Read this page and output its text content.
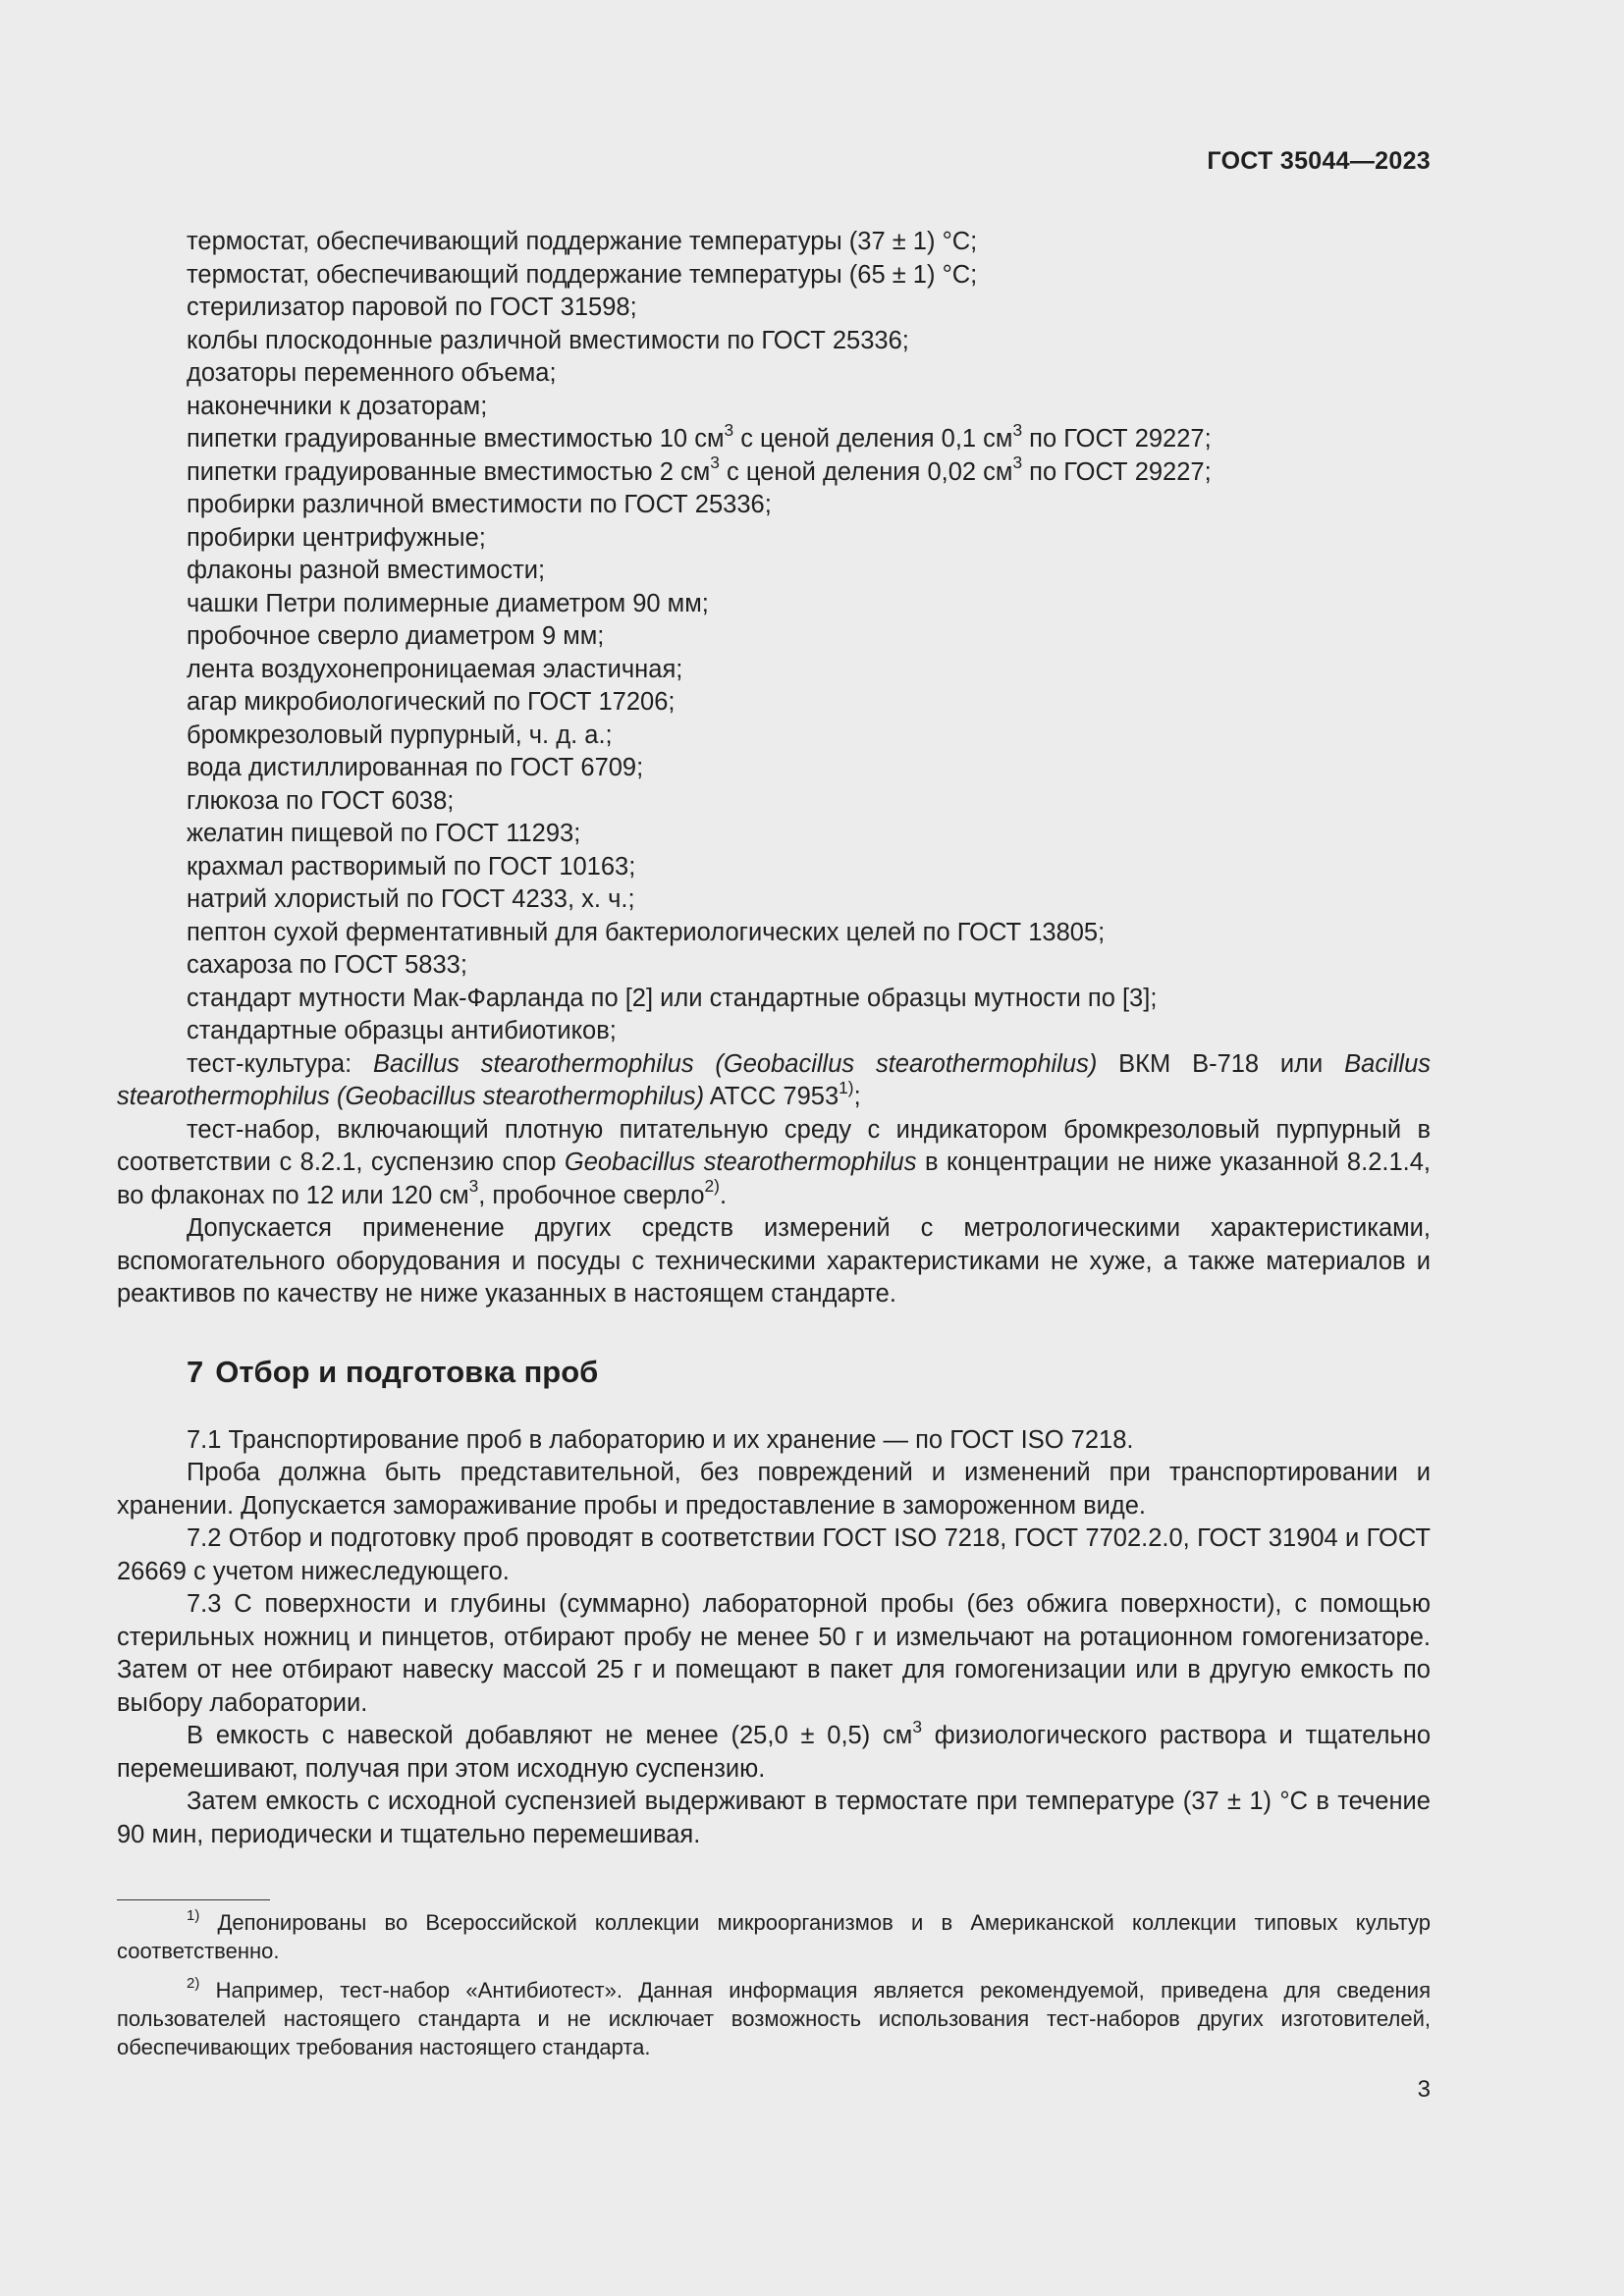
ГОСТ 35044—2023
термостат, обеспечивающий поддержание температуры (37 ± 1) °C;
термостат, обеспечивающий поддержание температуры (65 ± 1) °C;
стерилизатор паровой по ГОСТ 31598;
колбы плоскодонные различной вместимости по ГОСТ 25336;
дозаторы переменного объема;
наконечники к дозаторам;
пипетки градуированные вместимостью 10 $см^3$ с ценой деления 0,1 $см^3$ по ГОСТ 29227;
пипетки градуированные вместимостью 2 $см^3$ с ценой деления 0,02 $см^3$ по ГОСТ 29227;
пробирки различной вместимости по ГОСТ 25336;
пробирки центрифужные;
флаконы разной вместимости;
чашки Петри полимерные диаметром 90 мм;
пробочное сверло диаметром 9 мм;
лента воздухонепроницаемая эластичная;
агар микробиологический по ГОСТ 17206;
бромкрезоловый пурпурный, ч. д. а.;
вода дистиллированная по ГОСТ 6709;
глюкоза по ГОСТ 6038;
желатин пищевой по ГОСТ 11293;
крахмал растворимый по ГОСТ 10163;
натрий хлористый по ГОСТ 4233, х. ч.;
пептон сухой ферментативный для бактериологических целей по ГОСТ 13805;
сахароза по ГОСТ 5833;
стандарт мутности Мак-Фарланда по [2] или стандартные образцы мутности по [3];
стандартные образцы антибиотиков;

тест-культура: Bacillus stearothermophilus (Geobacillus stearothermophilus) ВКМ В-718 или Bacillus stearothermophilus (Geobacillus stearothermophilus) ATCC 7953$^{1)}$;

тест-набор, включающий плотную питательную среду с индикатором бромкрезоловый пурпурный в соответствии с 8.2.1, суспензию спор Geobacillus stearothermophilus в концентрации не ниже указанной 8.2.1.4, во флаконах по 12 или 120 $см^3$, пробочное сверло$^{2)}$.

Допускается применение других средств измерений с метрологическими характеристиками, вспомогательного оборудования и посуды с техническими характеристиками не хуже, а также материалов и реактивов по качеству не ниже указанных в настоящем стандарте.

7 Отбор и подготовка проб

7.1 Транспортирование проб в лабораторию и их хранение — по ГОСТ ISO 7218.

Проба должна быть представительной, без повреждений и изменений при транспортировании и хранении. Допускается замораживание пробы и предоставление в замороженном виде.

7.2 Отбор и подготовку проб проводят в соответствии ГОСТ ISO 7218, ГОСТ 7702.2.0, ГОСТ 31904 и ГОСТ 26669 с учетом нижеследующего.

7.3 С поверхности и глубины (суммарно) лабораторной пробы (без обжига поверхности), с помощью стерильных ножниц и пинцетов, отбирают пробу не менее 50 г и измельчают на ротационном гомогенизаторе. Затем от нее отбирают навеску массой 25 г и помещают в пакет для гомогенизации или в другую емкость по выбору лаборатории.

В емкость с навеской добавляют не менее (25,0 ± 0,5) $см^3$ физиологического раствора и тщательно перемешивают, получая при этом исходную суспензию.

Затем емкость с исходной суспензией выдерживают в термостате при температуре (37 ± 1) °C в течение 90 мин, периодически и тщательно перемешивая.

$^{1)}$ Депонированы во Всероссийской коллекции микроорганизмов и в Американской коллекции типовых культур соответственно.

$^{2)}$ Например, тест-набор «Антибиотест». Данная информация является рекомендуемой, приведена для сведения пользователей настоящего стандарта и не исключает возможность использования тест-наборов других изготовителей, обеспечивающих требования настоящего стандарта.

3
